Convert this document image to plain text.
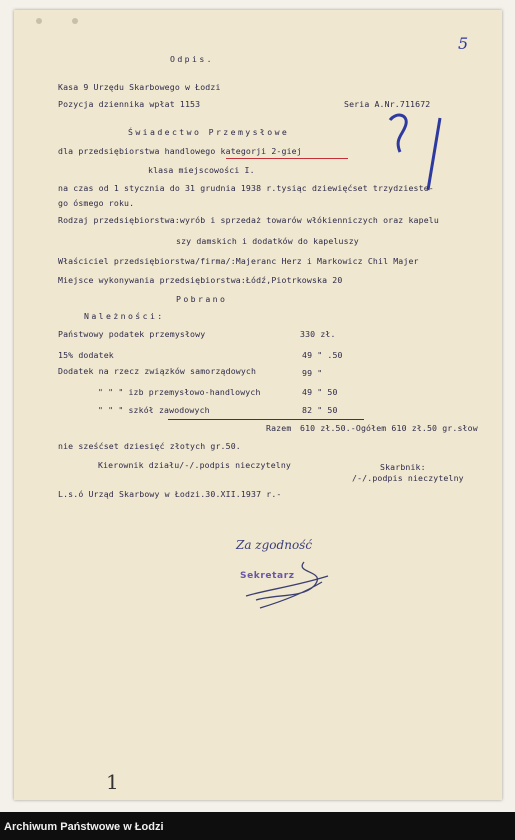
5
Odpis.
Kasa 9 Urzędu Skarbowego w Łodzi
Pozycja dziennika wpłat 1153	Seria A.Nr.711672
Świadectwo Przemysłowe
dla przedsiębiorstwa handlowego kategorji 2-giej
klasa miejscowości I.
na czas od 1 stycznia do 31 grudnia 1938 r.tysiąc dziewięćset trzydzieste-
go ósmego roku.
Rodzaj przedsiębiorstwa:wyrób i sprzedaż towarów włókienniczych oraz kapelu
szy damskich i dodatków do kapeluszy
Właściciel przedsiębiorstwa/firma/:Majeranc Herz i Markowicz Chil Majer
Miejsce wykonywania przedsiębiorstwa:Łódź,Piotrkowska 20
Pobrano
Należności:
Państwowy podatek przemysłowy	330 zł.
15% dodatek	49 " .50
Dodatek na rzecz związków samorządowych	99 "
" " " izb przemysłowo-handlowych	49 " 50
" " " szkół zawodowych	82 " 50
Razem 610 zł.50.-Ogółem 610 zł.50 gr.słow
nie sześćset dziesięć złotych gr.50.
Kierownik działu/-/.podpis nieczytelny	Skarbnik:
/-/.podpis nieczytelny
L.s.ó Urząd Skarbowy w Łodzi.30.XII.1937 r.-
Za zgodność
Sekretarz
1
Archiwum Państwowe w Łodzi
